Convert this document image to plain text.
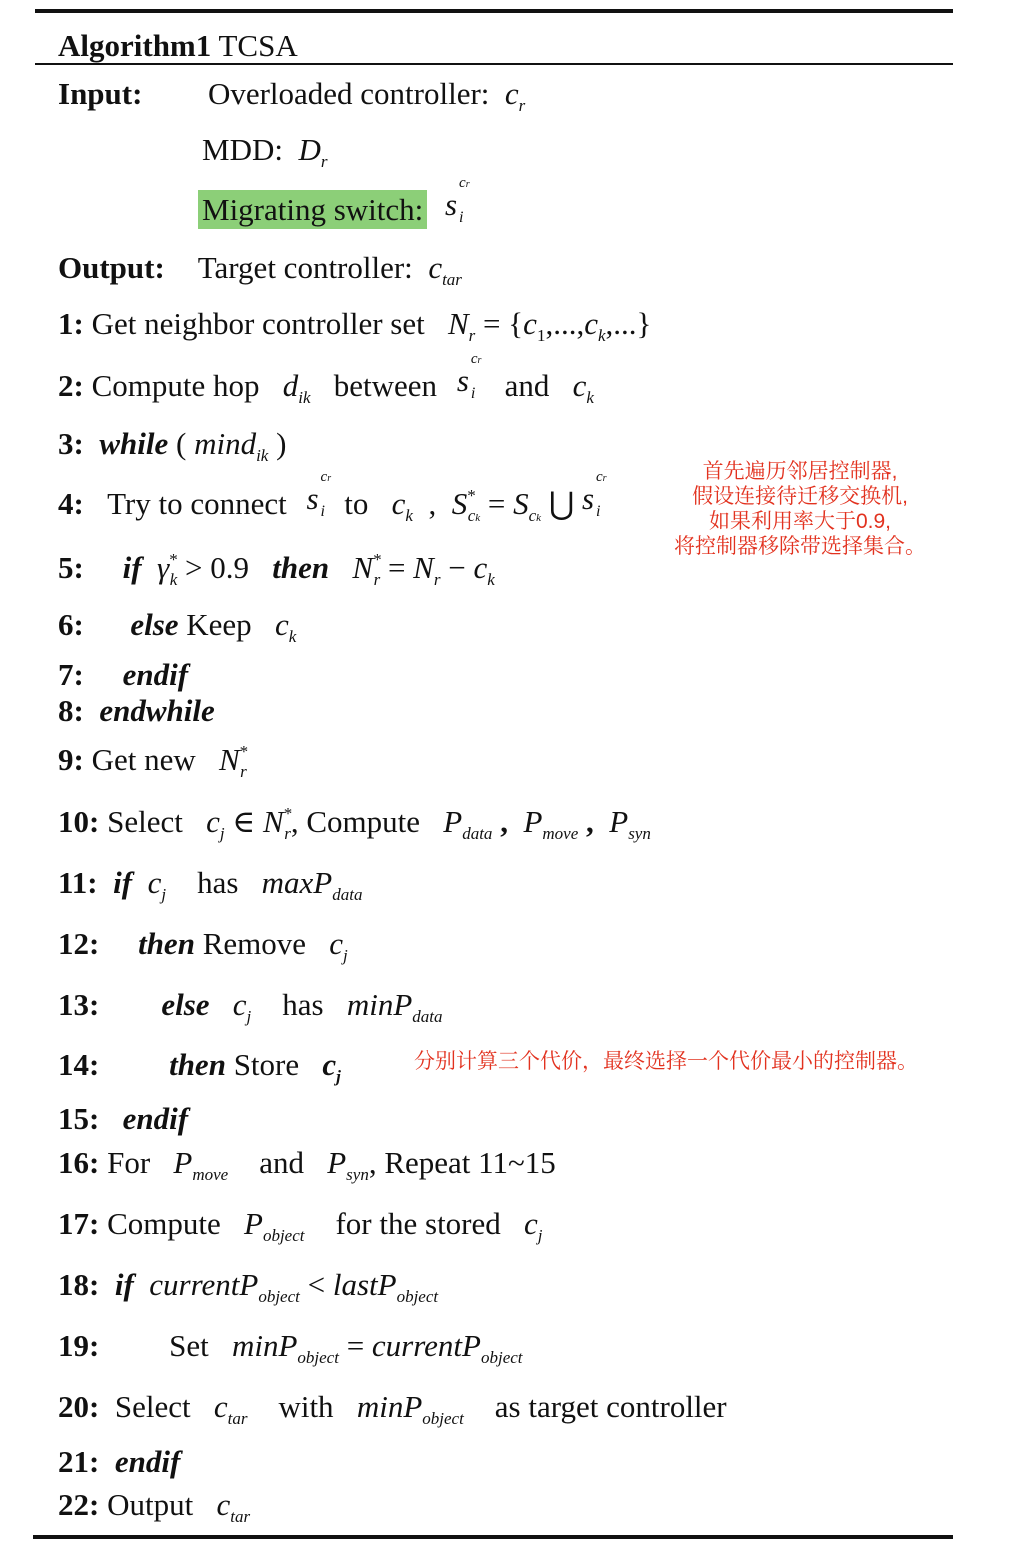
Algorithm1 TCSA
Input: Overloaded controller:  $c_r$
MDD:  $D_r$
Migrating switch: s
cr
i
Output: Target controller:  $c_{tar}$
1: Get neighbor controller set $N_r = \{c_1,...,c_k,...\}$
2: Compute hop   $d_{ik}$ between s
cr
i and   $c_k$
3: while ( mind$_{ik}$ )
4: Try to connect s
cr
i to   $c_k$  ,  $S^*_{ck} = S_{ck}$ ⋃ s
cr
i
5: if $\gamma^*_k > 0.9$   then $N^*_r = N_r - c_k$
6: else Keep   $c_k$
7: endif
8: endwhile
9: Get new $N^*_r$
10: Select $c_j$ ∈ $N^*_r$, Compute $P_{data}$ , $P_{move}$ , $P_{syn}$
11: if  $c_j$ has   maxP$_{data}$
12: then Remove   $c_j$
13: else   $c_j$ has   minP$_{data}$
14: then Store   $c_j$
15: endif
16: For   $P_{move}$ and   $P_{syn}$, Repeat 11~15
17: Compute   $P_{object}$ for the stored   $c_j$
18: if currentP$_{object}$ < lastP$_{object}$
19: Set minP$_{object}$ = currentP$_{object}$
20: Select   $c_{tar}$ with   minP$_{object}$ as target controller
21: endif
22: Output   $c_{tar}$
首先遍历邻居控制器,
假设连接待迁移交换机,
如果利用率大于0.9,
将控制器移除带选择集合。
分别计算三个代价，最终选择一个代价最小的控制器。
